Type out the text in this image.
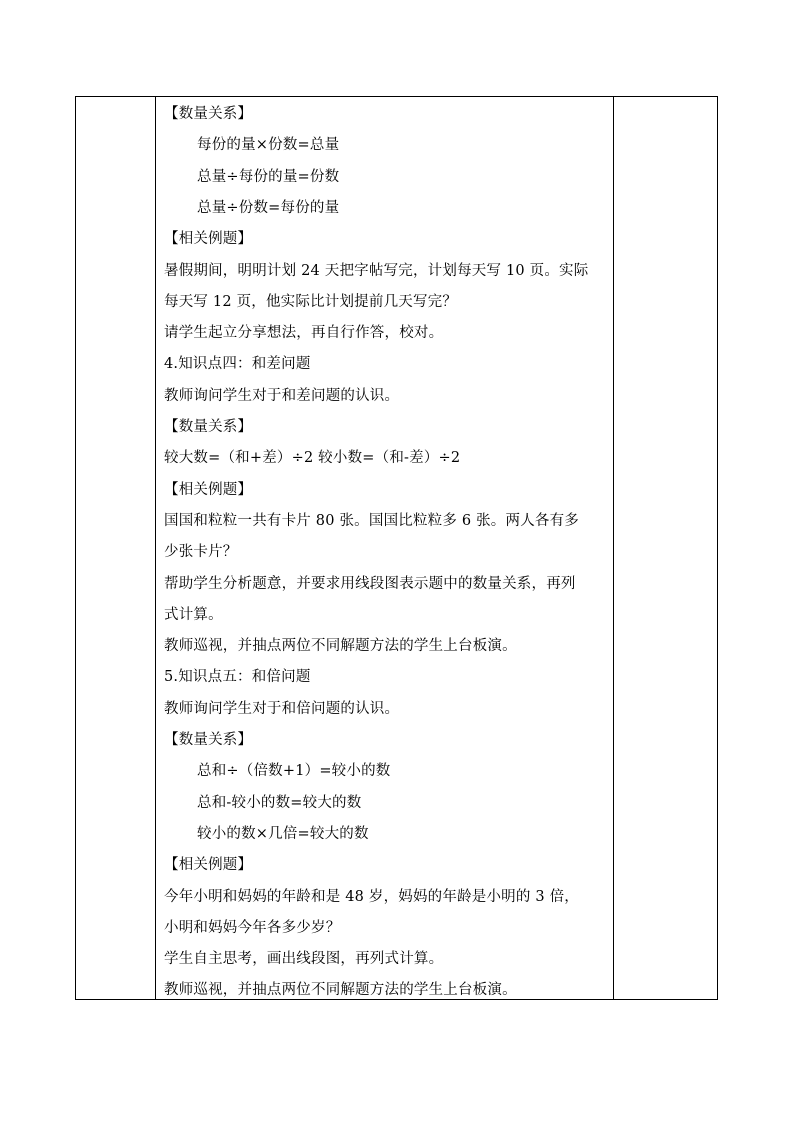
【数量关系】
每份的量×份数=总量
总量÷每份的量=份数
总量÷份数=每份的量
【相关例题】
暑假期间，明明计划 24 天把字帖写完，计划每天写 10 页。实际
每天写 12 页，他实际比计划提前几天写完？
请学生起立分享想法，再自行作答，校对。
4.知识点四：和差问题
教师询问学生对于和差问题的认识。
【数量关系】
较大数=（和+差）÷2 较小数=（和-差）÷2
【相关例题】
国国和粒粒一共有卡片 80 张。国国比粒粒多 6 张。两人各有多
少张卡片？
帮助学生分析题意，并要求用线段图表示题中的数量关系，再列
式计算。
教师巡视，并抽点两位不同解题方法的学生上台板演。
5.知识点五：和倍问题
教师询问学生对于和倍问题的认识。
【数量关系】
总和÷（倍数+1）=较小的数
总和-较小的数=较大的数
较小的数×几倍=较大的数
【相关例题】
今年小明和妈妈的年龄和是 48 岁，妈妈的年龄是小明的 3 倍，
小明和妈妈今年各多少岁？
学生自主思考，画出线段图，再列式计算。
教师巡视，并抽点两位不同解题方法的学生上台板演。
